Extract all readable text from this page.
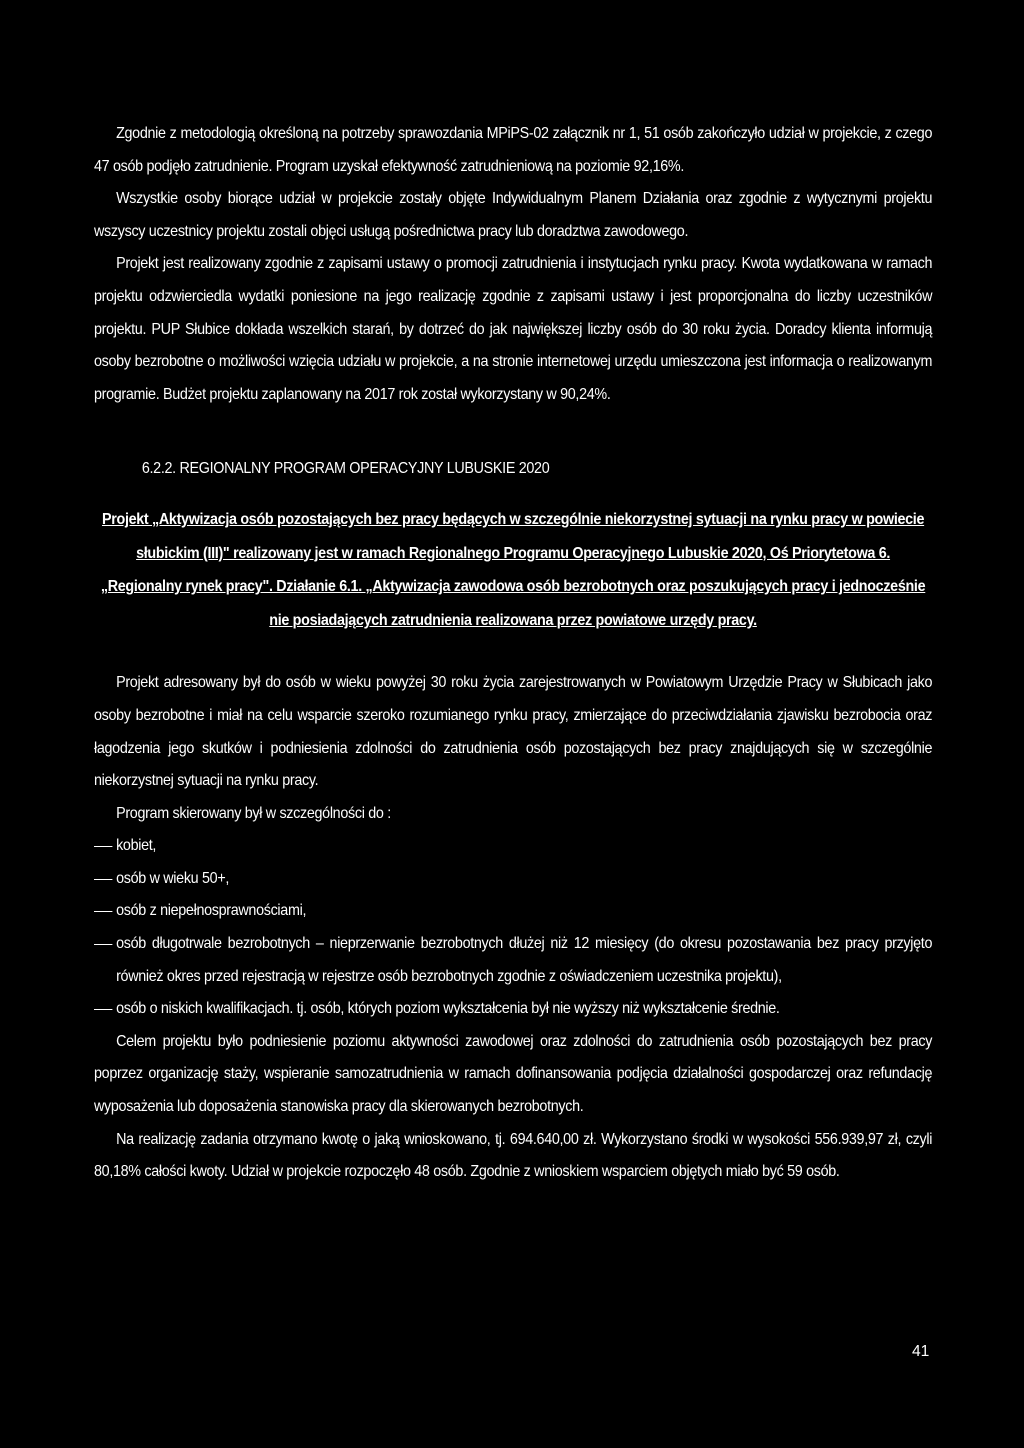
Zgodnie z metodologią określoną na potrzeby sprawozdania MPiPS-02 załącznik nr 1, 51 osób zakończyło udział w projekcie, z czego 47 osób podjęło zatrudnienie. Program uzyskał efektywność zatrudnieniową na poziomie 92,16%.

Wszystkie osoby biorące udział w projekcie zostały objęte Indywidualnym Planem Działania oraz zgodnie z wytycznymi projektu wszyscy uczestnicy projektu zostali objęci usługą pośrednictwa pracy lub doradztwa zawodowego.

Projekt jest realizowany zgodnie z zapisami ustawy o promocji zatrudnienia i instytucjach rynku pracy. Kwota wydatkowana w ramach projektu odzwierciedla wydatki poniesione na jego realizację zgodnie z zapisami ustawy i jest proporcjonalna do liczby uczestników projektu. PUP Słubice dokłada wszelkich starań, by dotrzeć do jak największej liczby osób do 30 roku życia. Doradcy klienta informują osoby bezrobotne o możliwości wzięcia udziału w projekcie, a na stronie internetowej urzędu umieszczona jest informacja o realizowanym programie. Budżet projektu zaplanowany na 2017 rok został wykorzystany w 90,24%.

6.2.2. REGIONALNY PROGRAM OPERACYJNY LUBUSKIE 2020

Projekt „Aktywizacja osób pozostających bez pracy będących w szczególnie niekorzystnej sytuacji na rynku pracy w powiecie słubickim (III)" realizowany jest w ramach Regionalnego Programu Operacyjnego Lubuskie 2020, Oś Priorytetowa 6. „Regionalny rynek pracy". Działanie 6.1. „Aktywizacja zawodowa osób bezrobotnych oraz poszukujących pracy i jednocześnie nie posiadających zatrudnienia realizowana przez powiatowe urzędy pracy.

Projekt adresowany był do osób w wieku powyżej 30 roku życia zarejestrowanych w Powiatowym Urzędzie Pracy w Słubicach jako osoby bezrobotne i miał na celu wsparcie szeroko rozumianego rynku pracy, zmierzające do przeciwdziałania zjawisku bezrobocia oraz łagodzenia jego skutków i podniesienia zdolności do zatrudnienia osób pozostających bez pracy znajdujących się w szczególnie niekorzystnej sytuacji na rynku pracy.

Program skierowany był w szczególności do :

kobiet,
osób w wieku 50+,
osób z niepełnosprawnościami,
osób długotrwale bezrobotnych – nieprzerwanie bezrobotnych dłużej niż 12 miesięcy (do okresu pozostawania bez pracy przyjęto również okres przed rejestracją w rejestrze osób bezrobotnych zgodnie z oświadczeniem uczestnika projektu),
osób o niskich kwalifikacjach. tj. osób, których poziom wykształcenia był nie wyższy niż wykształcenie średnie.

Celem projektu było podniesienie poziomu aktywności zawodowej oraz zdolności do zatrudnienia osób pozostających bez pracy poprzez organizację staży, wspieranie samozatrudnienia w ramach dofinansowania podjęcia działalności gospodarczej oraz refundację wyposażenia lub doposażenia stanowiska pracy dla skierowanych bezrobotnych.

Na realizację zadania otrzymano kwotę o jaką wnioskowano, tj. 694.640,00 zł. Wykorzystano środki w wysokości 556.939,97 zł, czyli 80,18% całości kwoty. Udział w projekcie rozpoczęło 48 osób. Zgodnie z wnioskiem wsparciem objętych miało być 59 osób.

41
